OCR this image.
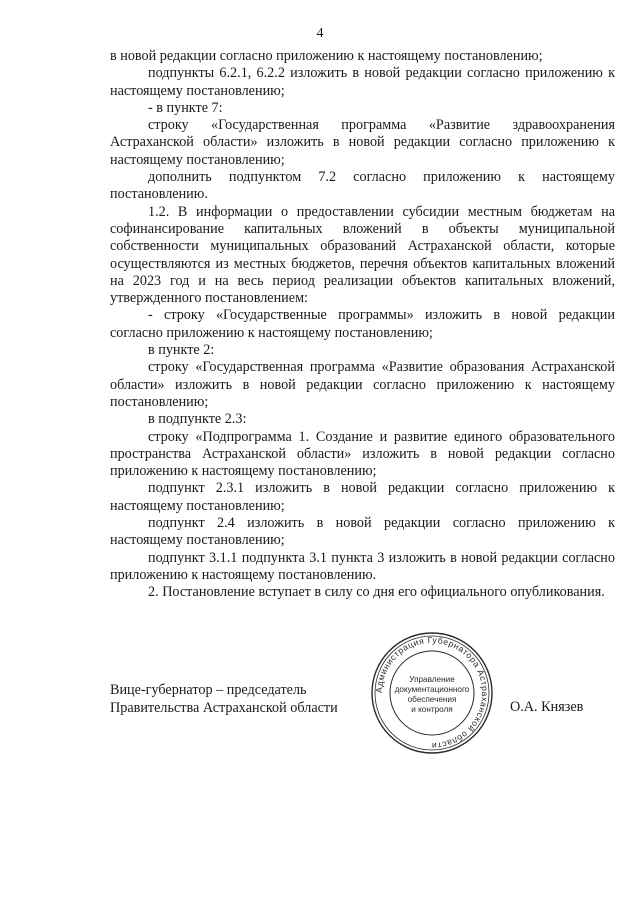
4

в новой редакции согласно приложению к настоящему постановлению;

подпункты 6.2.1, 6.2.2 изложить в новой редакции согласно приложению к настоящему постановлению;

- в пункте 7:

строку «Государственная программа «Развитие здравоохранения Астраханской области» изложить в новой редакции согласно приложению к настоящему постановлению;

дополнить подпунктом 7.2 согласно приложению к настоящему постановлению.

1.2. В информации о предоставлении субсидии местным бюджетам на софинансирование капитальных вложений в объекты муниципальной собственности муниципальных образований Астраханской области, которые осуществляются из местных бюджетов, перечня объектов капитальных вложений на 2023 год и на весь период реализации объектов капитальных вложений, утвержденного постановлением:

- строку «Государственные программы» изложить в новой редакции согласно приложению к настоящему постановлению;

в пункте 2:

строку «Государственная программа «Развитие образования Астраханской области» изложить в новой редакции согласно приложению к настоящему постановлению;

в подпункте 2.3:

строку «Подпрограмма 1. Создание и развитие единого образовательного пространства Астраханской области» изложить в новой редакции согласно приложению к настоящему постановлению;

подпункт 2.3.1 изложить в новой редакции согласно приложению к настоящему постановлению;

подпункт 2.4 изложить в новой редакции согласно приложению к настоящему постановлению;

подпункт 3.1.1 подпункта 3.1 пункта 3 изложить в новой редакции согласно приложению к настоящему постановлению.

2. Постановление вступает в силу со дня его официального опубликования.

Вице-губернатор – председатель
Правительства Астраханской области	О.А. Князев
Администрация Губернатора Астраханской области
Управление
документационного
обеспечения
и контроля
